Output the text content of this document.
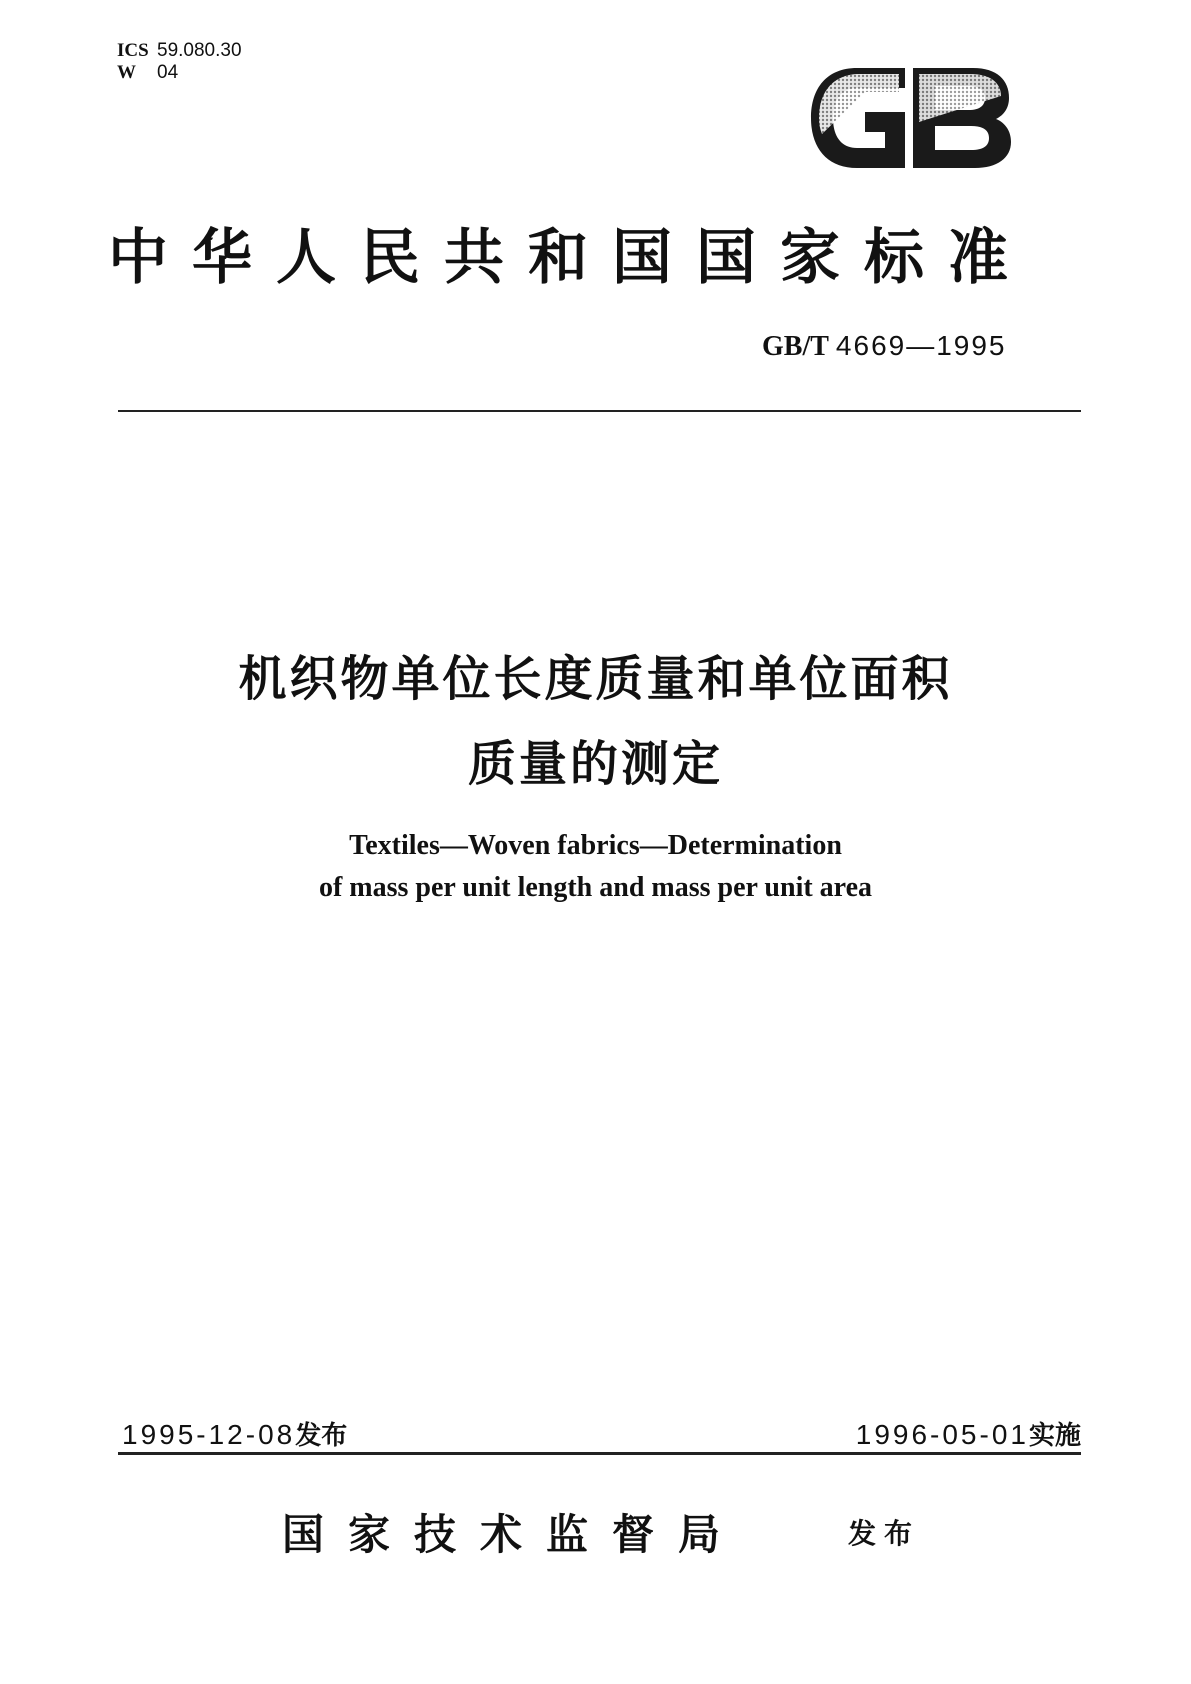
ICS 59.080.30
W 04
中华人民共和国国家标准
GB/T 4669—1995
机织物单位长度质量和单位面积
质量的测定
Textiles—Woven fabrics—Determination
of mass per unit length and mass per unit area
1995-12-08发布	1996-05-01实施
国家技术监督局	发布
